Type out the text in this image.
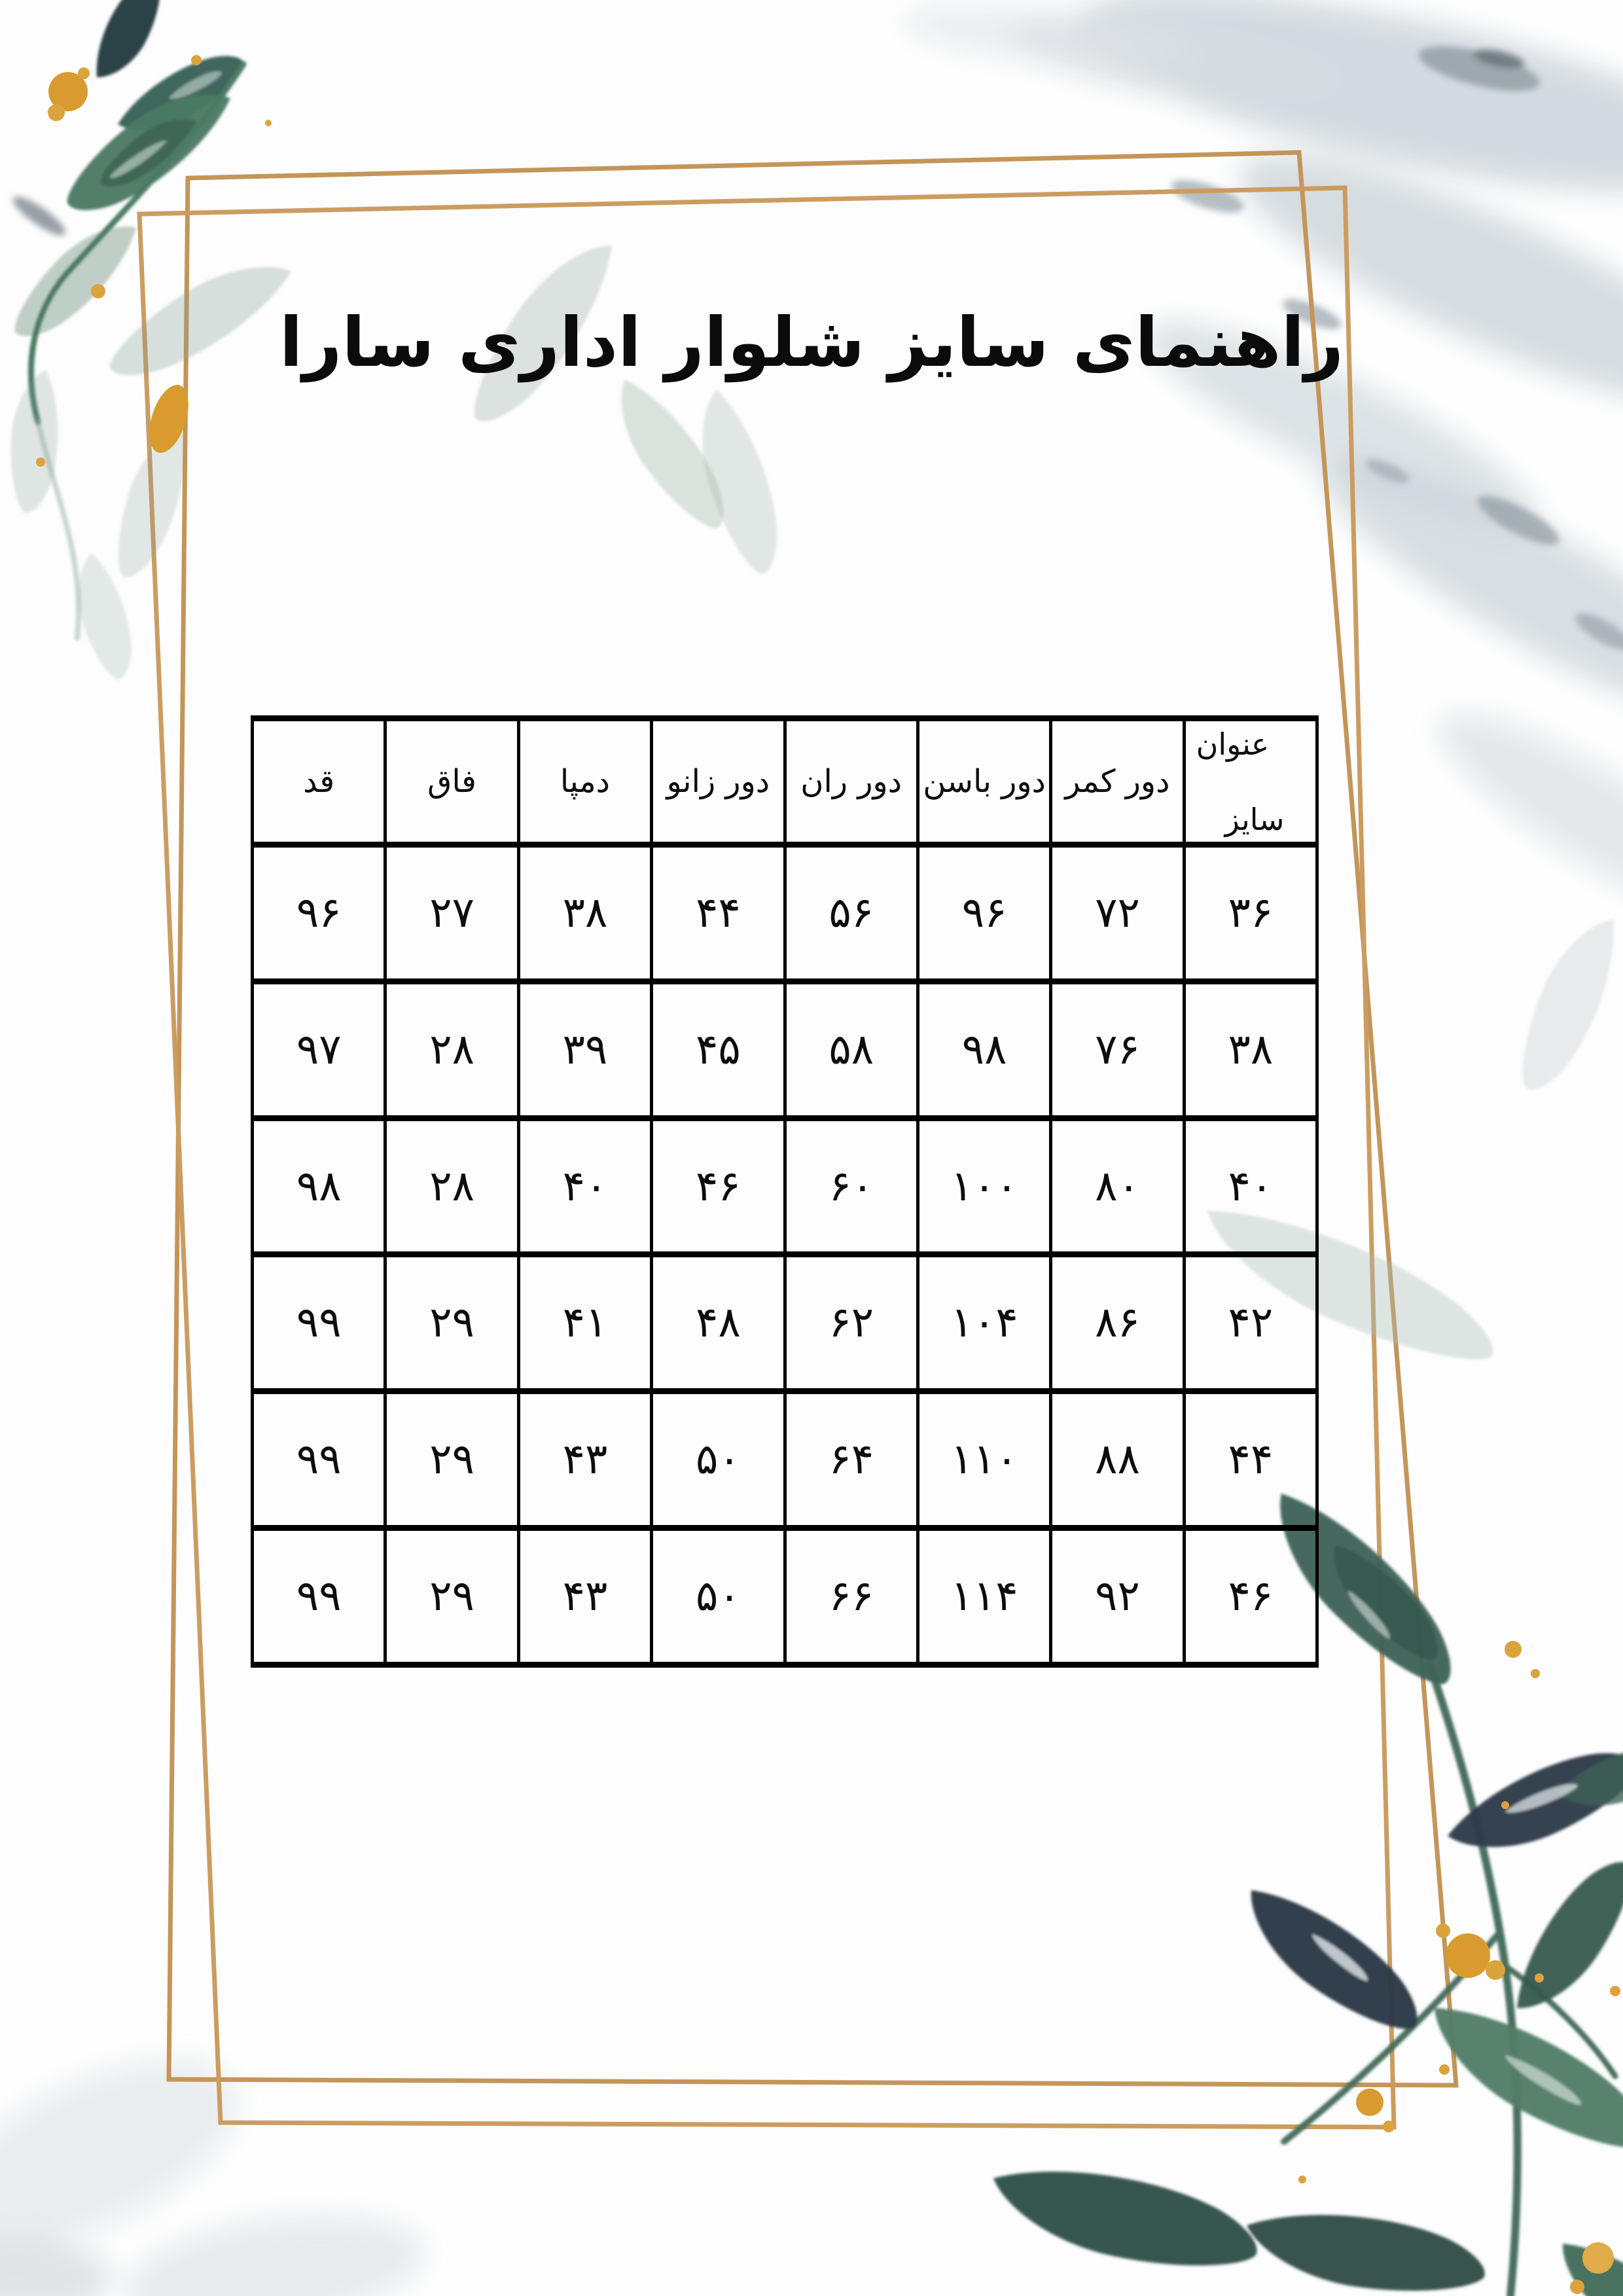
راهنمای سایز شلوار اداری سارا
عنوان
سایز	دور کمر	دور باسن	دور ران	دور زانو	دمپا	فاق	قد
۳۶	۷۲	۹۶	۵۶	۴۴	۳۸	۲۷	۹۶
۳۸	۷۶	۹۸	۵۸	۴۵	۳۹	۲۸	۹۷
۴۰	۸۰	۱۰۰	۶۰	۴۶	۴۰	۲۸	۹۸
۴۲	۸۶	۱۰۴	۶۲	۴۸	۴۱	۲۹	۹۹
۴۴	۸۸	۱۱۰	۶۴	۵۰	۴۳	۲۹	۹۹
۴۶	۹۲	۱۱۴	۶۶	۵۰	۴۳	۲۹	۹۹
